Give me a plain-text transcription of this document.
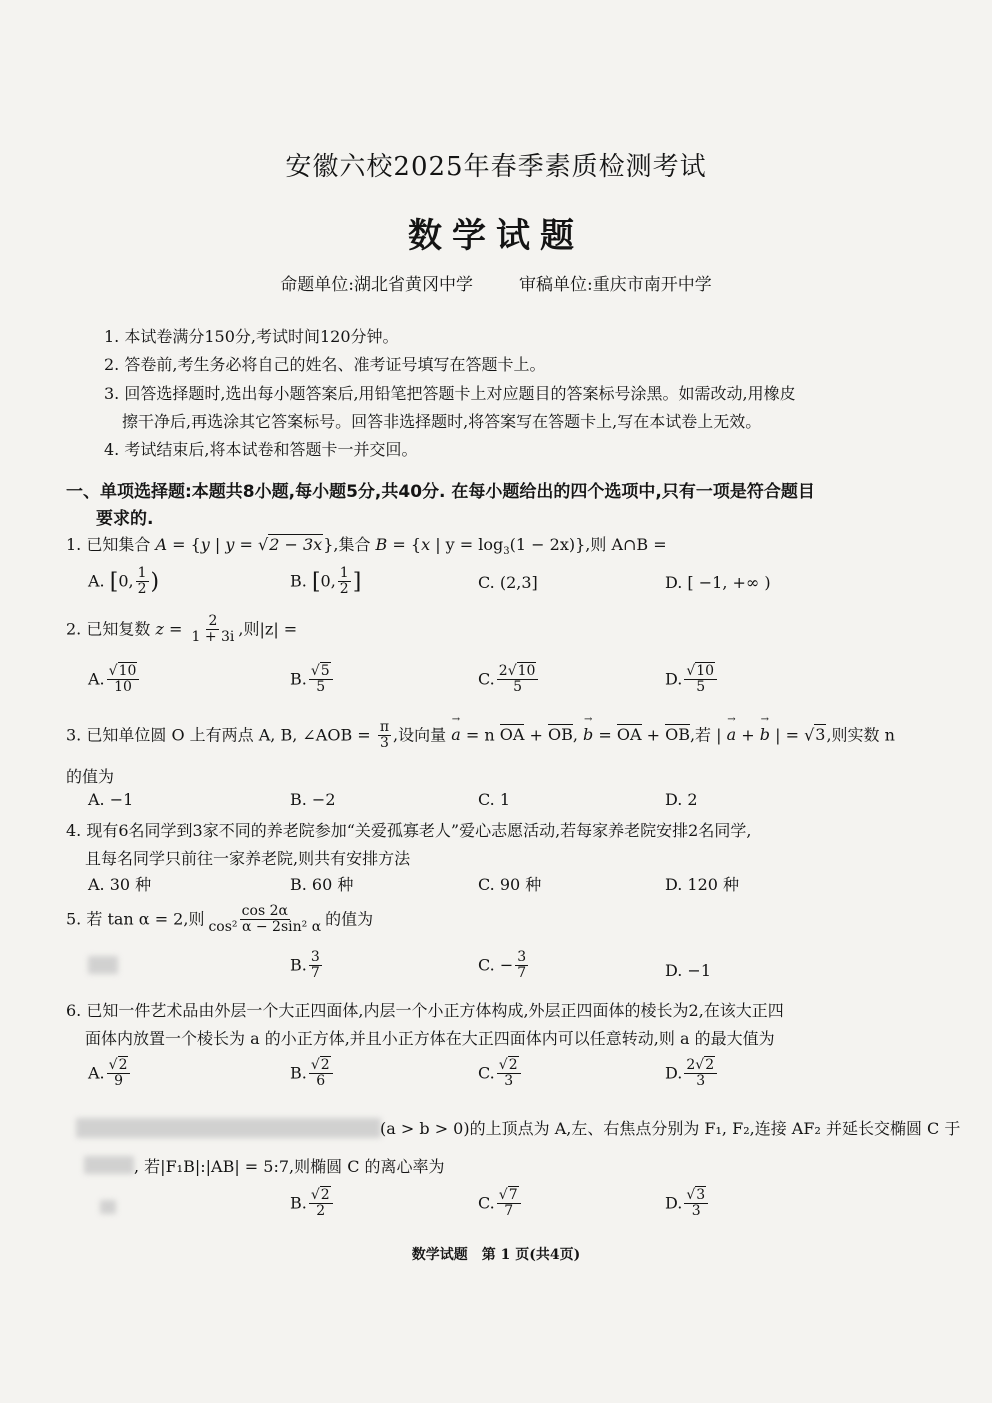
安徽六校2025年春季素质检测考试
数学试题
命题单位:湖北省黄冈中学	审稿单位:重庆市南开中学
1. 本试卷满分150分,考试时间120分钟。
2. 答卷前,考生务必将自己的姓名、准考证号填写在答题卡上。
3. 回答选择题时,选出每小题答案后,用铅笔把答题卡上对应题目的答案标号涂黑。如需改动,用橡皮
擦干净后,再选涂其它答案标号。回答非选择题时,将答案写在答题卡上,写在本试卷上无效。
4. 考试结束后,将本试卷和答题卡一并交回。
一、单项选择题:本题共8小题,每小题5分,共40分. 在每小题给出的四个选项中,只有一项是符合题目
要求的.
1. 已知集合 A = {y | y = √2 − 3x},集合 B = {x | $y = \log_3(1 - 2x)$},则 A∩B =
A. [0, $\frac{1}{2}$ )	B. [0, $\frac{1}{2}$ ]	C. (2,3]	D. [ −1, +∞ )
2. 已知复数 $z = \frac{2}{1 + 3i}$ ,则|z| =
A. $\frac{√10}{10}$	B. $\frac{√5}{5}$	C. $\frac{2√10}{5}$	D. $\frac{√10}{5}$
3. 已知单位圆 O 上有两点 A, B, ∠AOB = $\frac{\pi}{3}$ ,设向量 → a = n OA + OB, → b = OA + OB,若 | → a + → b | = √3,则实数 n
的值为
A. −1	B. −2	C. 1	D. 2
4. 现有6名同学到3家不同的养老院参加“关爱孤寡老人”爱心志愿活动,若每家养老院安排2名同学,
且每名同学只前往一家养老院,则共有安排方法
A. 30 种	B. 60 种	C. 90 种	D. 120 种
5. 若 tan α = 2,则 $\frac{\cos 2\alpha}{\text{cos² α − 2sin² α}}$ 的值为
B. $\frac{3}{7}$	C. − $\frac{3}{7}$	D. −1
6. 已知一件艺术品由外层一个大正四面体,内层一个小正方体构成,外层正四面体的棱长为2,在该大正四
面体内放置一个棱长为 a 的小正方体,并且小正方体在大正四面体内可以任意转动,则 a 的最大值为
A. $\frac{√2}{9}$	B. $\frac{√2}{6}$	C. $\frac{√2}{3}$	D. $\frac{2√2}{3}$
(a > b > 0)的上顶点为 A,左、右焦点分别为 F₁, F₂,连接 AF₂ 并延长交椭圆 C 于
, 若|F₁B|:|AB| = 5:7,则椭圆 C 的离心率为
B. $\frac{√2}{2}$	C. $\frac{√7}{7}$	D. $\frac{√3}{3}$
数学试题　第 1 页(共4页)
